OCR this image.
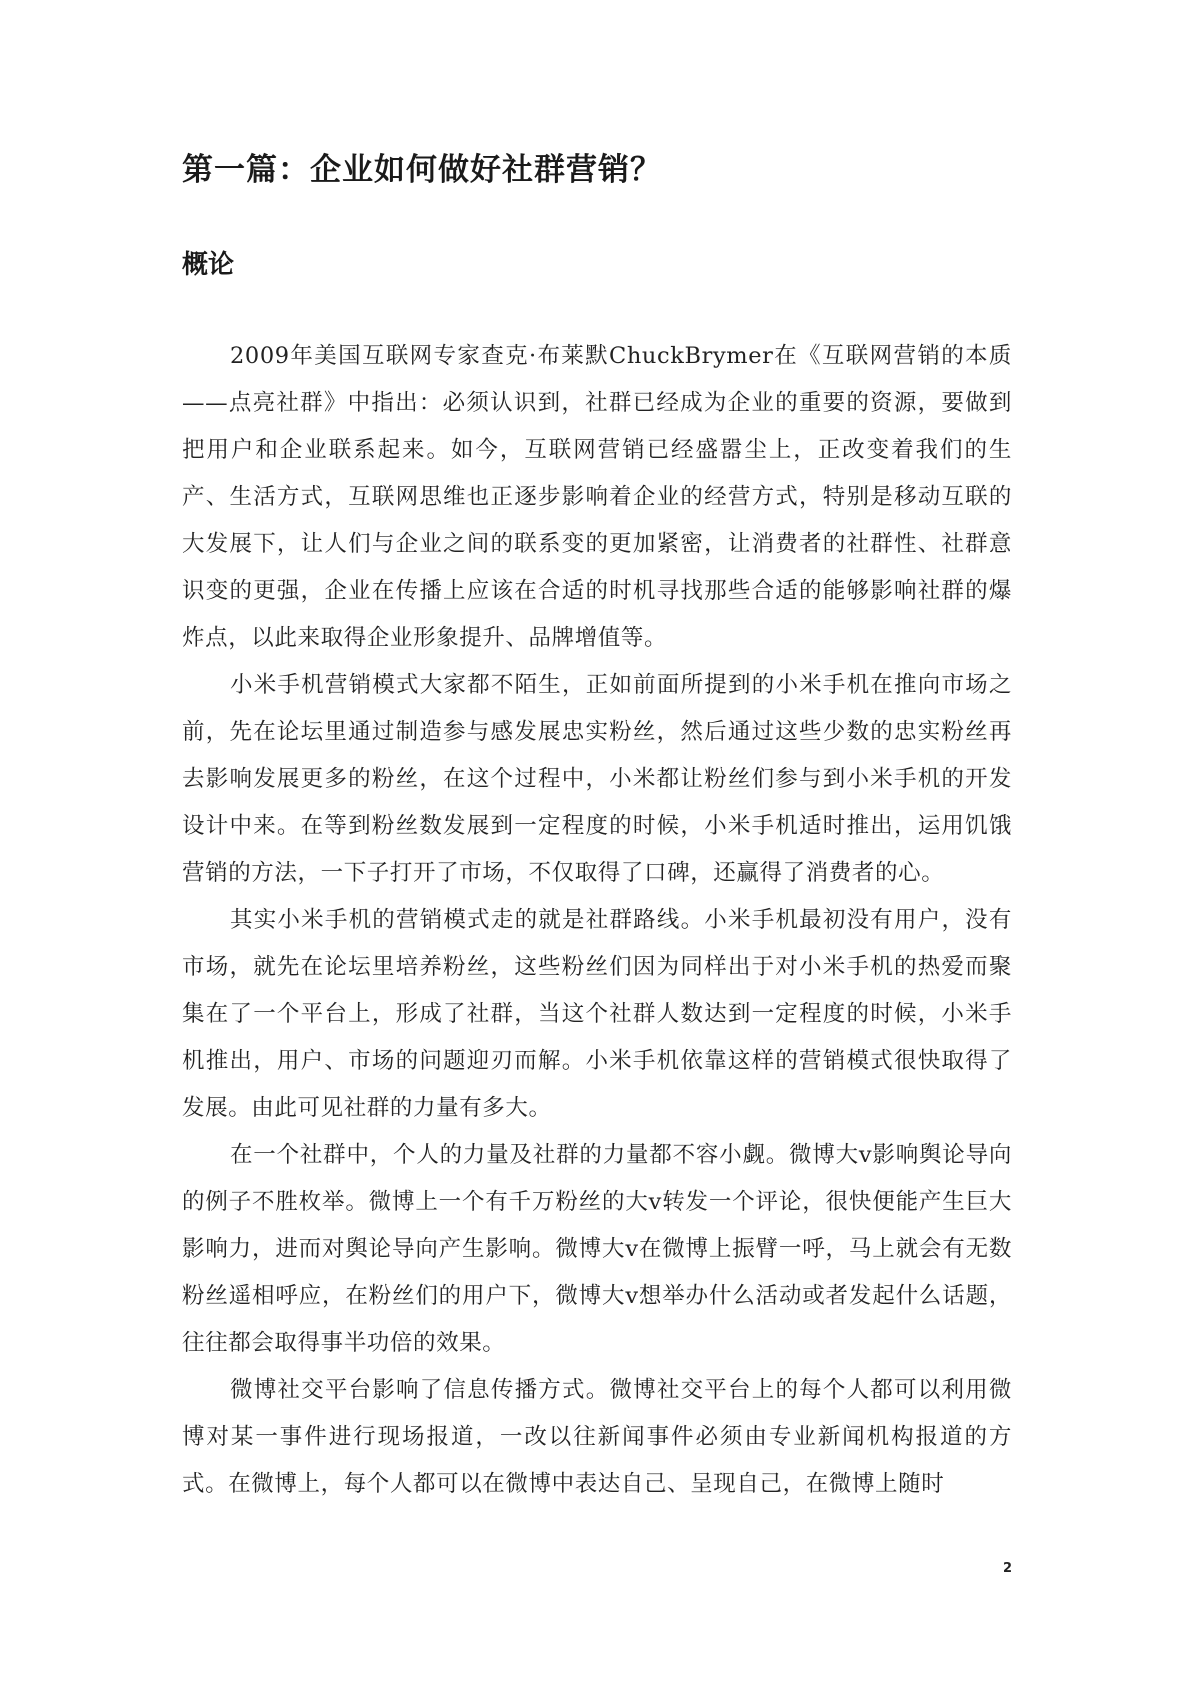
第一篇：企业如何做好社群营销？
概论

2009年美国互联网专家查克·布莱默ChuckBrymer在《互联网营销的本质——点亮社群》中指出：必须认识到，社群已经成为企业的重要的资源，要做到把用户和企业联系起来。如今，互联网营销已经盛嚣尘上，正改变着我们的生产、生活方式，互联网思维也正逐步影响着企业的经营方式，特别是移动互联的大发展下，让人们与企业之间的联系变的更加紧密，让消费者的社群性、社群意识变的更强，企业在传播上应该在合适的时机寻找那些合适的能够影响社群的爆炸点，以此来取得企业形象提升、品牌增值等。

小米手机营销模式大家都不陌生，正如前面所提到的小米手机在推向市场之前，先在论坛里通过制造参与感发展忠实粉丝，然后通过这些少数的忠实粉丝再去影响发展更多的粉丝，在这个过程中，小米都让粉丝们参与到小米手机的开发设计中来。在等到粉丝数发展到一定程度的时候，小米手机适时推出，运用饥饿营销的方法，一下子打开了市场，不仅取得了口碑，还赢得了消费者的心。

其实小米手机的营销模式走的就是社群路线。小米手机最初没有用户，没有市场，就先在论坛里培养粉丝，这些粉丝们因为同样出于对小米手机的热爱而聚集在了一个平台上，形成了社群，当这个社群人数达到一定程度的时候，小米手机推出，用户、市场的问题迎刃而解。小米手机依靠这样的营销模式很快取得了发展。由此可见社群的力量有多大。

在一个社群中，个人的力量及社群的力量都不容小觑。微博大v影响舆论导向的例子不胜枚举。微博上一个有千万粉丝的大v转发一个评论，很快便能产生巨大影响力，进而对舆论导向产生影响。微博大v在微博上振臂一呼，马上就会有无数粉丝遥相呼应，在粉丝们的用户下，微博大v想举办什么活动或者发起什么话题，往往都会取得事半功倍的效果。

微博社交平台影响了信息传播方式。微博社交平台上的每个人都可以利用微博对某一事件进行现场报道，一改以往新闻事件必须由专业新闻机构报道的方式。在微博上，每个人都可以在微博中表达自己、呈现自己，在微博上随时

2
